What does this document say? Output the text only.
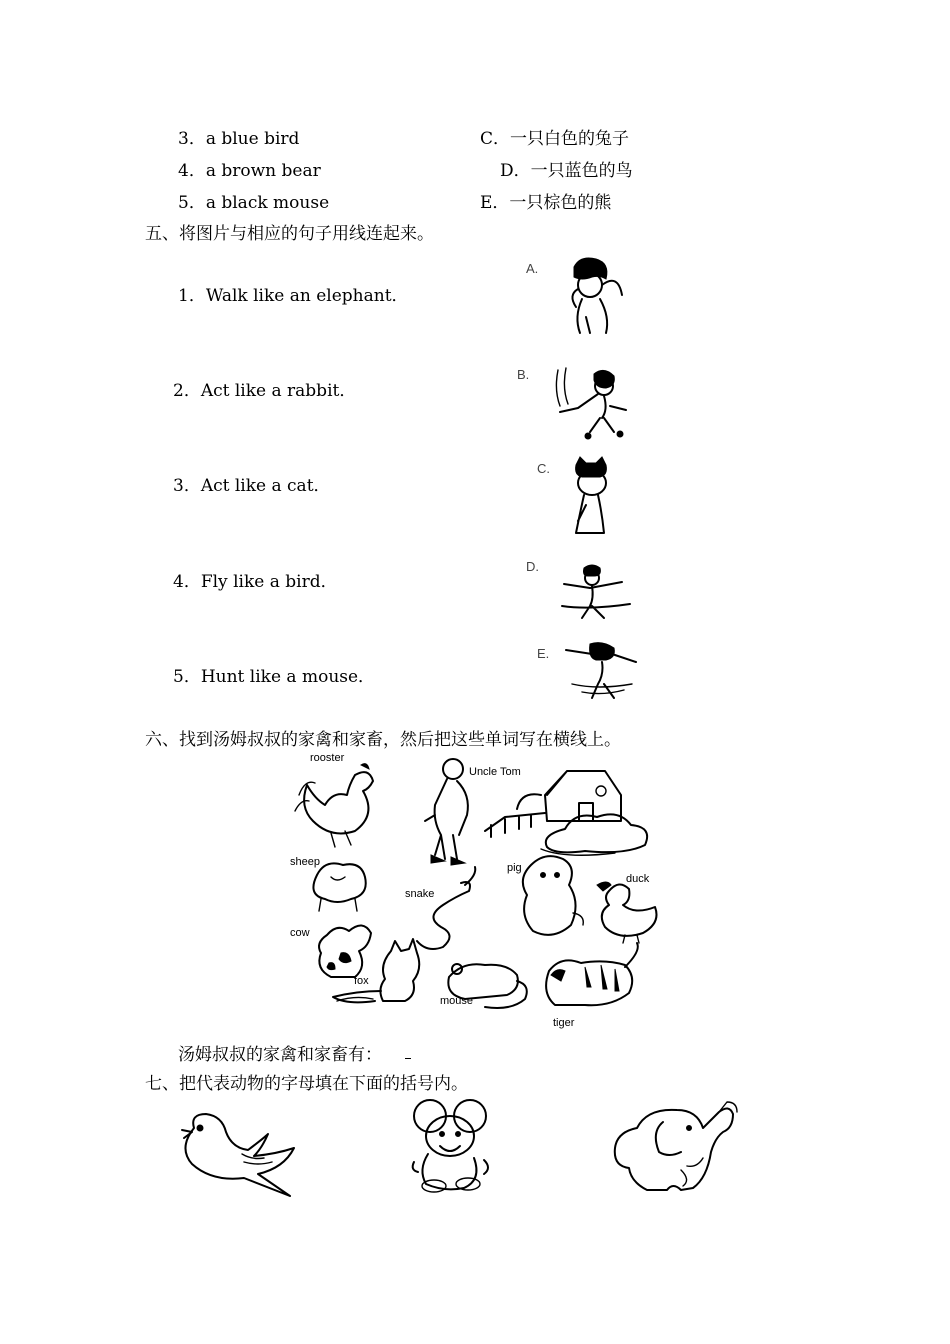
3．a blue bird	C．一只白色的兔子
4．a brown bear	D．一只蓝色的鸟
5．a black mouse	E．一只棕色的熊
五、将图片与相应的句子用线连起来。
1．Walk like an elephant．
2．Act like a rabbit．
3．Act like a cat．
4．Fly like a bird．
5．Hunt like a mouse．
A.
B.
C.
D.
E.
六、找到汤姆叔叔的家禽和家畜，然后把这些单词写在横线上。
rooster
Uncle Tom
sheep
snake
pig
duck
cow
fox
mouse
tiger
汤姆叔叔的家禽和家畜有：
七、把代表动物的字母填在下面的括号内。
